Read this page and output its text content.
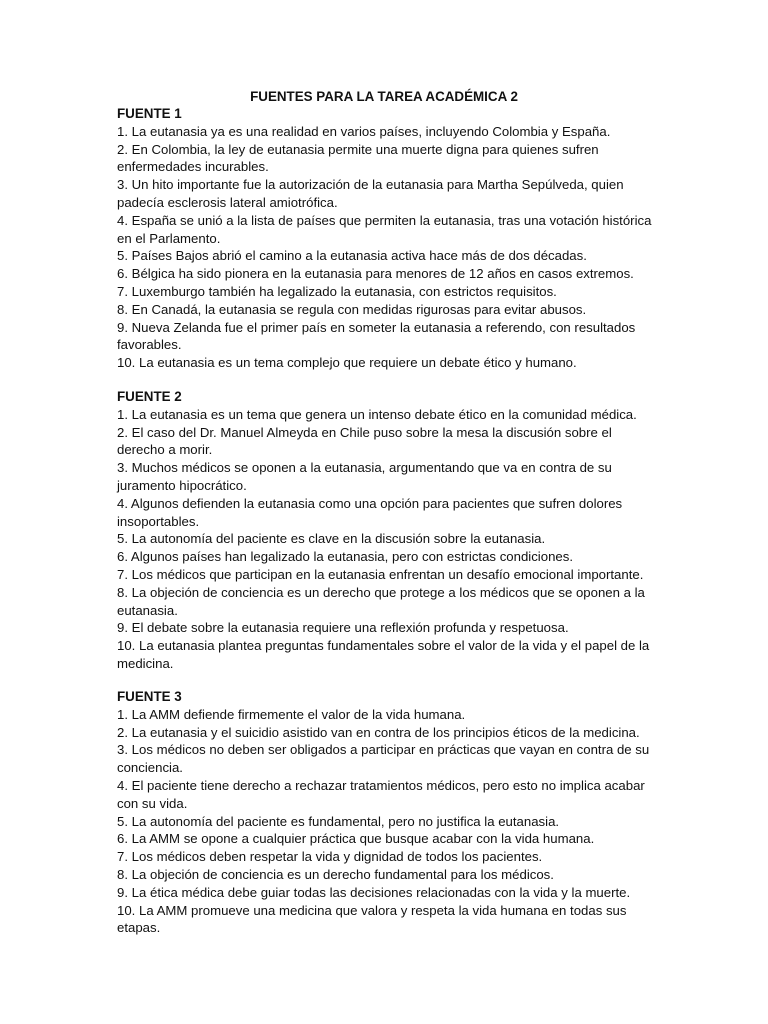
FUENTES PARA LA TAREA ACADÉMICA 2
FUENTE 1
1. La eutanasia ya es una realidad en varios países, incluyendo Colombia y España.
2. En Colombia, la ley de eutanasia permite una muerte digna para quienes sufren enfermedades incurables.
3. Un hito importante fue la autorización de la eutanasia para Martha Sepúlveda, quien padecía esclerosis lateral amiotrófica.
4. España se unió a la lista de países que permiten la eutanasia, tras una votación histórica en el Parlamento.
5. Países Bajos abrió el camino a la eutanasia activa hace más de dos décadas.
6. Bélgica ha sido pionera en la eutanasia para menores de 12 años en casos extremos.
7. Luxemburgo también ha legalizado la eutanasia, con estrictos requisitos.
8. En Canadá, la eutanasia se regula con medidas rigurosas para evitar abusos.
9. Nueva Zelanda fue el primer país en someter la eutanasia a referendo, con resultados favorables.
10. La eutanasia es un tema complejo que requiere un debate ético y humano.
FUENTE 2
1. La eutanasia es un tema que genera un intenso debate ético en la comunidad médica.
2. El caso del Dr. Manuel Almeyda en Chile puso sobre la mesa la discusión sobre el derecho a morir.
3. Muchos médicos se oponen a la eutanasia, argumentando que va en contra de su juramento hipocrático.
4. Algunos defienden la eutanasia como una opción para pacientes que sufren dolores insoportables.
5. La autonomía del paciente es clave en la discusión sobre la eutanasia.
6. Algunos países han legalizado la eutanasia, pero con estrictas condiciones.
7. Los médicos que participan en la eutanasia enfrentan un desafío emocional importante.
8. La objeción de conciencia es un derecho que protege a los médicos que se oponen a la eutanasia.
9. El debate sobre la eutanasia requiere una reflexión profunda y respetuosa.
10. La eutanasia plantea preguntas fundamentales sobre el valor de la vida y el papel de la medicina.
FUENTE 3
1. La AMM defiende firmemente el valor de la vida humana.
2. La eutanasia y el suicidio asistido van en contra de los principios éticos de la medicina.
3. Los médicos no deben ser obligados a participar en prácticas que vayan en contra de su conciencia.
4. El paciente tiene derecho a rechazar tratamientos médicos, pero esto no implica acabar con su vida.
5. La autonomía del paciente es fundamental, pero no justifica la eutanasia.
6. La AMM se opone a cualquier práctica que busque acabar con la vida humana.
7. Los médicos deben respetar la vida y dignidad de todos los pacientes.
8. La objeción de conciencia es un derecho fundamental para los médicos.
9. La ética médica debe guiar todas las decisiones relacionadas con la vida y la muerte.
10. La AMM promueve una medicina que valora y respeta la vida humana en todas sus etapas.
